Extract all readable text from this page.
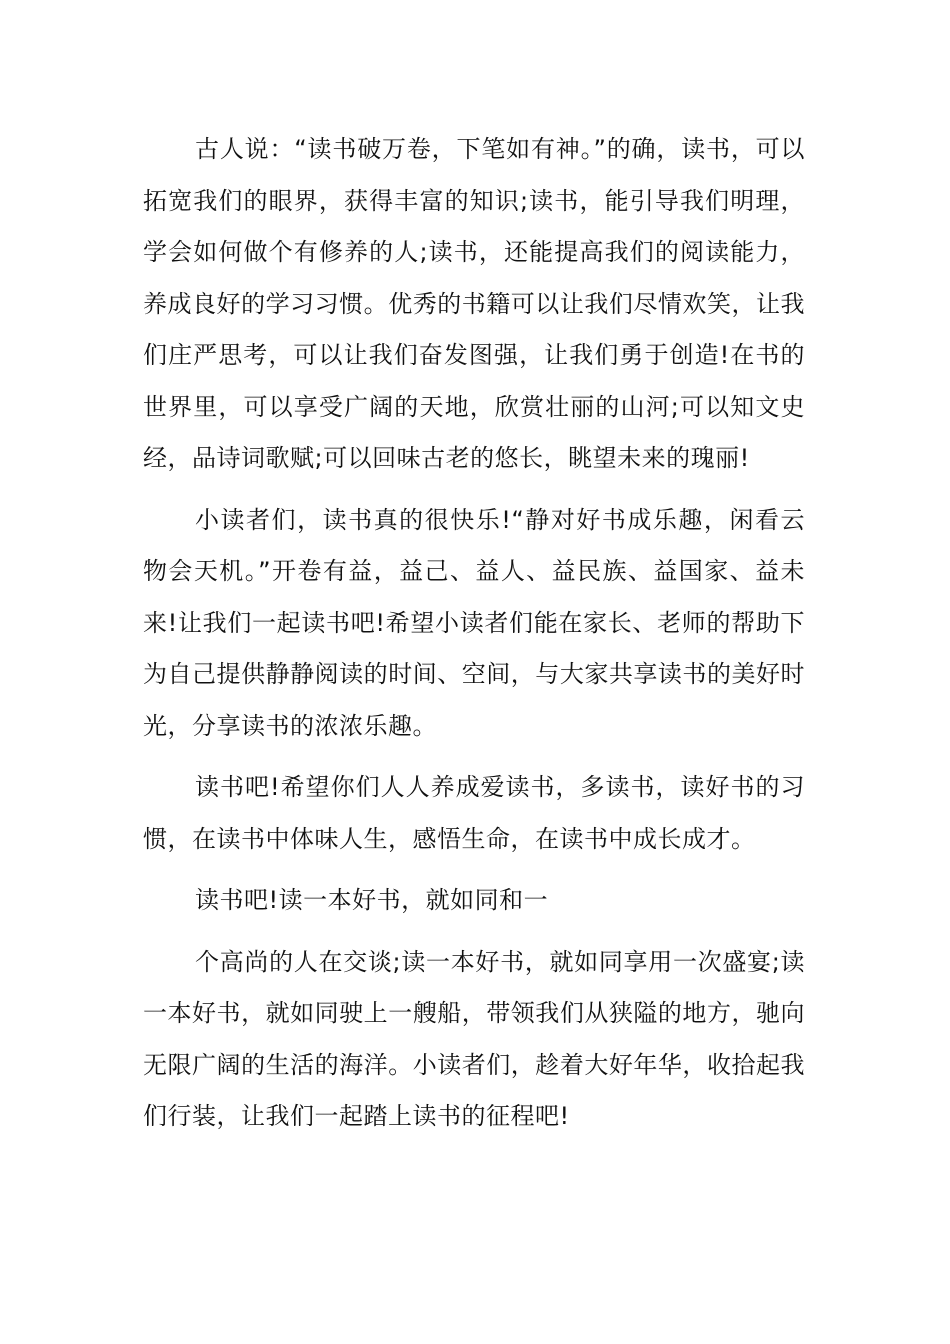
古人说：“读书破万卷，下笔如有神。”的确，读书，可以拓宽我们的眼界，获得丰富的知识;读书，能引导我们明理，学会如何做个有修养的人;读书，还能提高我们的阅读能力，养成良好的学习习惯。优秀的书籍可以让我们尽情欢笑，让我们庄严思考，可以让我们奋发图强，让我们勇于创造!在书的世界里，可以享受广阔的天地，欣赏壮丽的山河;可以知文史经，品诗词歌赋;可以回味古老的悠长，眺望未来的瑰丽!

小读者们，读书真的很快乐!“静对好书成乐趣，闲看云物会天机。”开卷有益，益己、益人、益民族、益国家、益未来!让我们一起读书吧!希望小读者们能在家长、老师的帮助下为自己提供静静阅读的时间、空间，与大家共享读书的美好时光，分享读书的浓浓乐趣。

读书吧!希望你们人人养成爱读书，多读书，读好书的习惯，在读书中体味人生，感悟生命，在读书中成长成才。

读书吧!读一本好书，就如同和一

个高尚的人在交谈;读一本好书，就如同享用一次盛宴;读一本好书，就如同驶上一艘船，带领我们从狭隘的地方，驰向无限广阔的生活的海洋。小读者们，趁着大好年华，收拾起我们行装，让我们一起踏上读书的征程吧!
